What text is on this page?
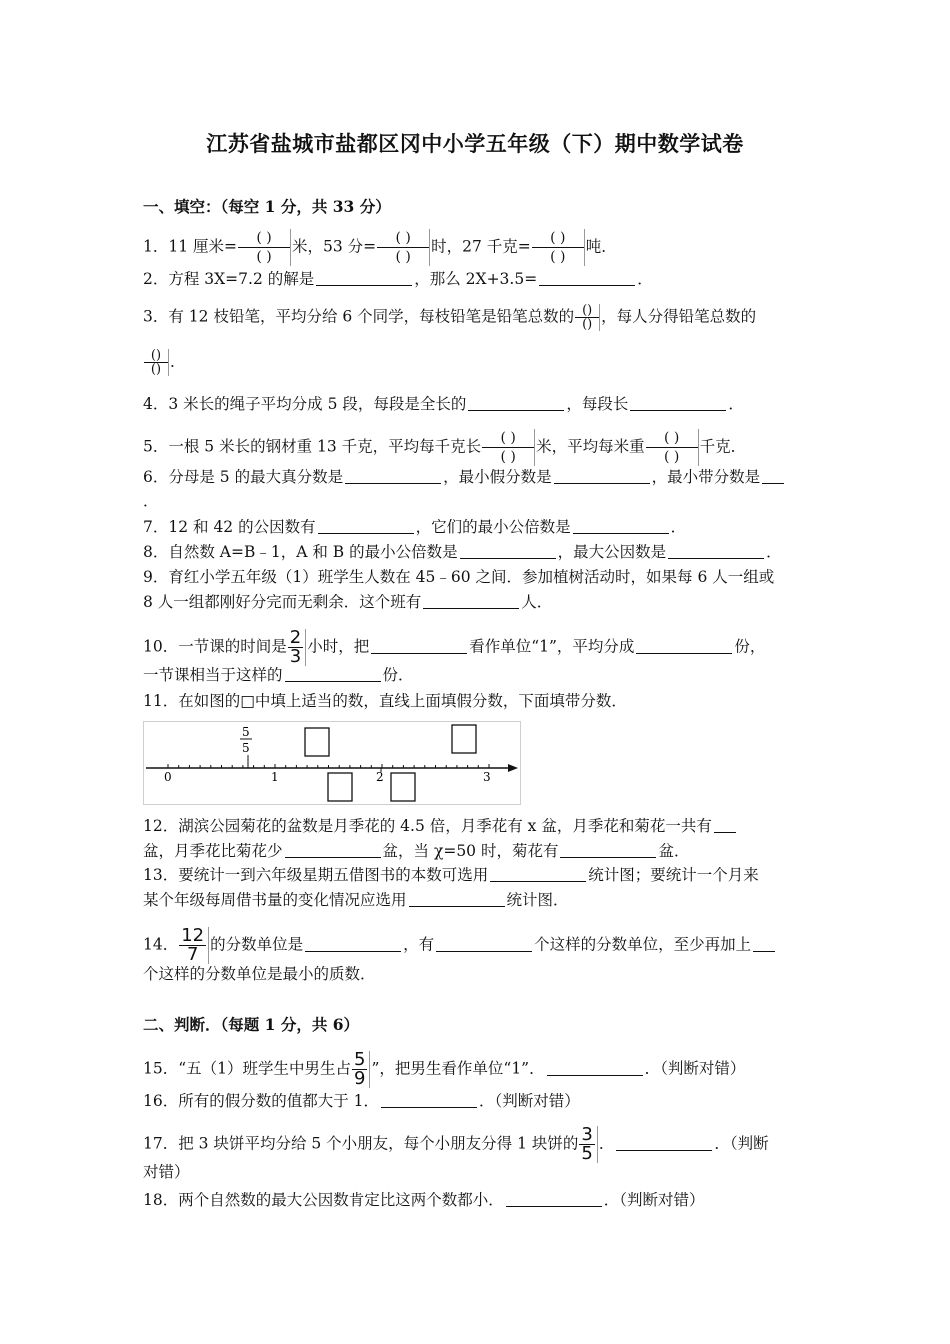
江苏省盐城市盐都区冈中小学五年级（下）期中数学试卷
一、填空：（每空 1 分，共 33 分）
1．11 厘米= $\frac{( )}{( )}$ 米，53 分= $\frac{( )}{( )}$ 时，27 千克= $\frac{( )}{( )}$ 吨．
2．方程 3X=7.2 的解是	，那么 2X+3.5=	．
3．有 12 枝铅笔，平均分给 6 个同学，每枝铅笔是铅笔总数的 $\frac{()}{()}$ ，每人分得铅笔总数的
$\frac{()}{()}$ ．
4．3 米长的绳子平均分成 5 段，每段是全长的	，每段长	．
5．一根 5 米长的钢材重 13 千克，平均每千克长 $\frac{( )}{( )}$ 米，平均每米重 $\frac{( )}{( )}$ 千克．
6．分母是 5 的最大真分数是	，最小假分数是	，最小带分数是
．
7．12 和 42 的公因数有	，它们的最小公倍数是	．
8．自然数 A=B﹣1，A 和 B 的最小公倍数是	，最大公因数是	．
9．育红小学五年级（1）班学生人数在 45﹣60 之间．参加植树活动时，如果每 6 人一组或
8 人一组都刚好分完而无剩余．这个班有	人．
10．一节课的时间是 $\frac{2}{3}$ 小时，把	看作单位“1”，平均分成	份，
一节课相当于这样的	份．
11．在如图的□中填上适当的数，直线上面填假分数，下面填带分数．
5
5
0	1	2	3
12．湖滨公园菊花的盆数是月季花的 4.5 倍，月季花有 x 盆，月季花和菊花一共有
盆，月季花比菊花少	盆，当 χ=50 时，菊花有	盆．
13．要统计一到六年级星期五借图书的本数可选用	统计图；要统计一个月来
某个年级每周借书量的变化情况应选用	统计图．
14． $\frac{12}{7}$ 的分数单位是	，有	个这样的分数单位，至少再加上
个这样的分数单位是最小的质数．
二、判断．（每题 1 分，共 6）
15．“五（1）班学生中男生占 $\frac{5}{9}$ ”，把男生看作单位“1”．	．（判断对错）
16．所有的假分数的值都大于 1．	．（判断对错）
17．把 3 块饼平均分给 5 个小朋友，每个小朋友分得 1 块饼的 $\frac{3}{5}$ ．	．（判断
对错）
18．两个自然数的最大公因数肯定比这两个数都小．	．（判断对错）
